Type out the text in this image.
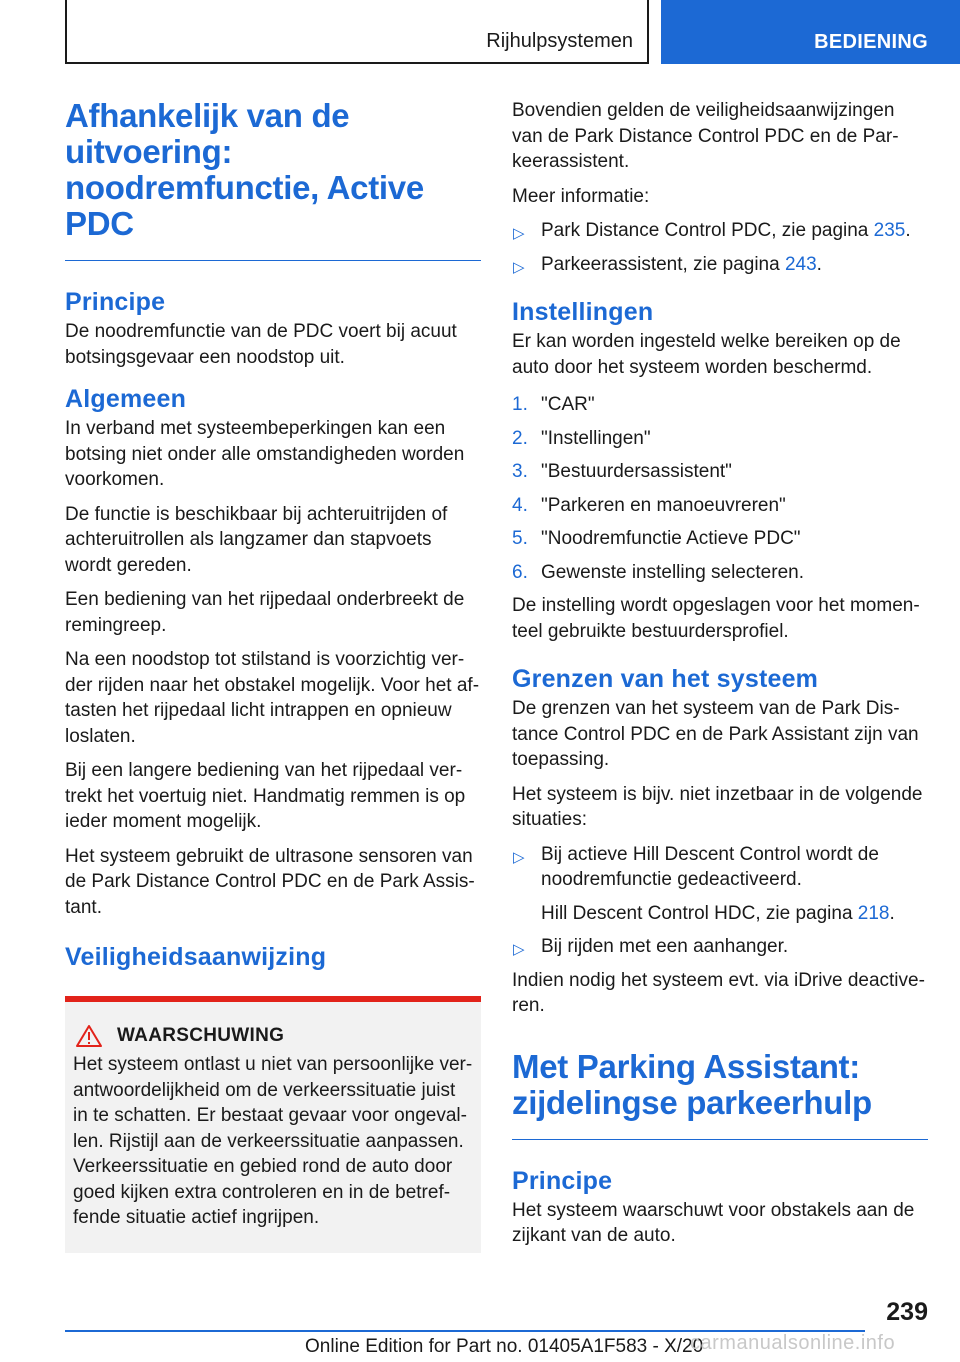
Rijhulpsystemen	BEDIENING
Afhankelijk van de uitvoering: noodremfunctie, Active PDC
Principe

De noodremfunctie van de PDC voert bij acuut botsingsgevaar een noodstop uit.

Algemeen

In verband met systeembeperkingen kan een botsing niet onder alle omstandigheden worden voorkomen.

De functie is beschikbaar bij achteruitrijden of achteruitrollen als langzamer dan stapvoets wordt gereden.

Een bediening van het rijpedaal onderbreekt de remingreep.

Na een noodstop tot stilstand is voorzichtig verder rijden naar het obstakel mogelijk. Voor het aftasten het rijpedaal licht intrappen en opnieuw loslaten.

Bij een langere bediening van het rijpedaal vertrekt het voertuig niet. Handmatig remmen is op ieder moment mogelijk.

Het systeem gebruikt de ultrasone sensoren van de Park Distance Control PDC en de Park Assistant.

Veiligheidsaanwijzing
WAARSCHUWING
Het systeem ontlast u niet van persoonlijke verantwoordelijkheid om de verkeerssituatie juist in te schatten. Er bestaat gevaar voor ongevallen. Rijstijl aan de verkeerssituatie aanpassen. Verkeerssituatie en gebied rond de auto door goed kijken extra controleren en in de betreffende situatie actief ingrijpen.

Bovendien gelden de veiligheidsaanwijzingen van de Park Distance Control PDC en de Parkeerassistent.

Meer informatie:

▷ Park Distance Control PDC, zie pagina 235.
▷ Parkeerassistent, zie pagina 243.
Instellingen

Er kan worden ingesteld welke bereiken op de auto door het systeem worden beschermd.

1. "CAR"
2. "Instellingen"
3. "Bestuurdersassistent"
4. "Parkeren en manoeuvreren"
5. "Noodremfunctie Actieve PDC"
6. Gewenste instelling selecteren.

De instelling wordt opgeslagen voor het momenteel gebruikte bestuurdersprofiel.

Grenzen van het systeem

De grenzen van het systeem van de Park Distance Control PDC en de Park Assistant zijn van toepassing.

Het systeem is bijv. niet inzetbaar in de volgende situaties:

▷ Bij actieve Hill Descent Control wordt de noodremfunctie gedeactiveerd.
Hill Descent Control HDC, zie pagina 218.
▷ Bij rijden met een aanhanger.

Indien nodig het systeem evt. via iDrive deactiveren.

Met Parking Assistant: zijdelingse parkeerhulp
Principe

Het systeem waarschuwt voor obstakels aan de zijkant van de auto.

239
Online Edition for Part no. 01405A1F583 - X/20
carmanualsonline.info
